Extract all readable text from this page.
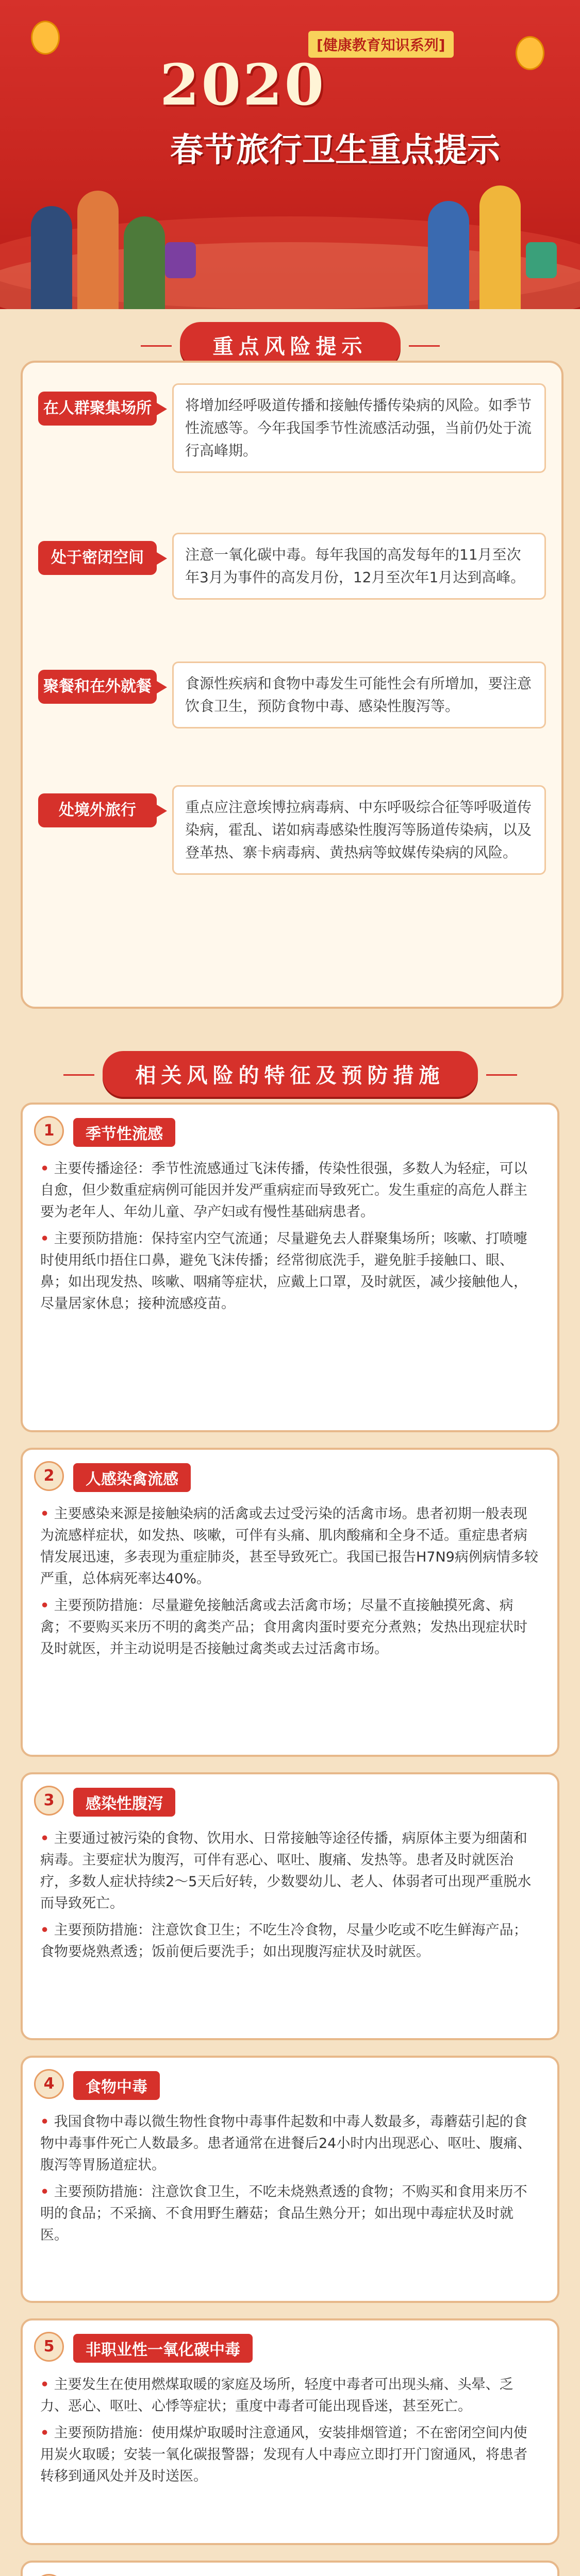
[健康教育知识系列]
2020
春节旅行卫生重点提示
重点风险提示
在人群聚集场所	将增加经呼吸道传播和接触传播传染病的风险。如季节性流感等。今年我国季节性流感活动强，当前仍处于流行高峰期。
处于密闭空间	注意一氧化碳中毒。每年我国的高发每年的11月至次年3月为事件的高发月份，12月至次年1月达到高峰。
聚餐和在外就餐	食源性疾病和食物中毒发生可能性会有所增加，要注意饮食卫生，预防食物中毒、感染性腹泻等。
处境外旅行	重点应注意埃博拉病毒病、中东呼吸综合征等呼吸道传染病，霍乱、诺如病毒感染性腹泻等肠道传染病，以及登革热、寨卡病毒病、黄热病等蚊媒传染病的风险。
相关风险的特征及预防措施
1	季节性流感

• 主要传播途径：季节性流感通过飞沫传播，传染性很强，多数人为轻症，可以自愈，但少数重症病例可能因并发严重病症而导致死亡。发生重症的高危人群主要为老年人、年幼儿童、孕产妇或有慢性基础病患者。

• 主要预防措施：保持室内空气流通；尽量避免去人群聚集场所；咳嗽、打喷嚏时使用纸巾捂住口鼻，避免飞沫传播；经常彻底洗手，避免脏手接触口、眼、鼻；如出现发热、咳嗽、咽痛等症状，应戴上口罩，及时就医，减少接触他人，尽量居家休息；接种流感疫苗。

2	人感染禽流感

• 主要感染来源是接触染病的活禽或去过受污染的活禽市场。患者初期一般表现为流感样症状，如发热、咳嗽，可伴有头痛、肌肉酸痛和全身不适。重症患者病情发展迅速，多表现为重症肺炎，甚至导致死亡。我国已报告H7N9病例病情多较严重，总体病死率达40%。

• 主要预防措施：尽量避免接触活禽或去活禽市场；尽量不直接触摸死禽、病禽；不要购买来历不明的禽类产品；食用禽肉蛋时要充分煮熟；发热出现症状时及时就医，并主动说明是否接触过禽类或去过活禽市场。

3	感染性腹泻

• 主要通过被污染的食物、饮用水、日常接触等途径传播，病原体主要为细菌和病毒。主要症状为腹泻，可伴有恶心、呕吐、腹痛、发热等。患者及时就医治疗，多数人症状持续2～5天后好转，少数婴幼儿、老人、体弱者可出现严重脱水而导致死亡。

• 主要预防措施：注意饮食卫生；不吃生冷食物，尽量少吃或不吃生鲜海产品；食物要烧熟煮透；饭前便后要洗手；如出现腹泻症状及时就医。

4	食物中毒

• 我国食物中毒以微生物性食物中毒事件起数和中毒人数最多，毒蘑菇引起的食物中毒事件死亡人数最多。患者通常在进餐后24小时内出现恶心、呕吐、腹痛、腹泻等胃肠道症状。

• 主要预防措施：注意饮食卫生，不吃未烧熟煮透的食物；不购买和食用来历不明的食品；不采摘、不食用野生蘑菇；食品生熟分开；如出现中毒症状及时就医。

5	非职业性一氧化碳中毒

• 主要发生在使用燃煤取暖的家庭及场所，轻度中毒者可出现头痛、头晕、乏力、恶心、呕吐、心悸等症状；重度中毒者可能出现昏迷，甚至死亡。

• 主要预防措施：使用煤炉取暖时注意通风，安装排烟管道；不在密闭空间内使用炭火取暖；安装一氧化碳报警器；发现有人中毒应立即打开门窗通风，将患者转移到通风处并及时送医。
